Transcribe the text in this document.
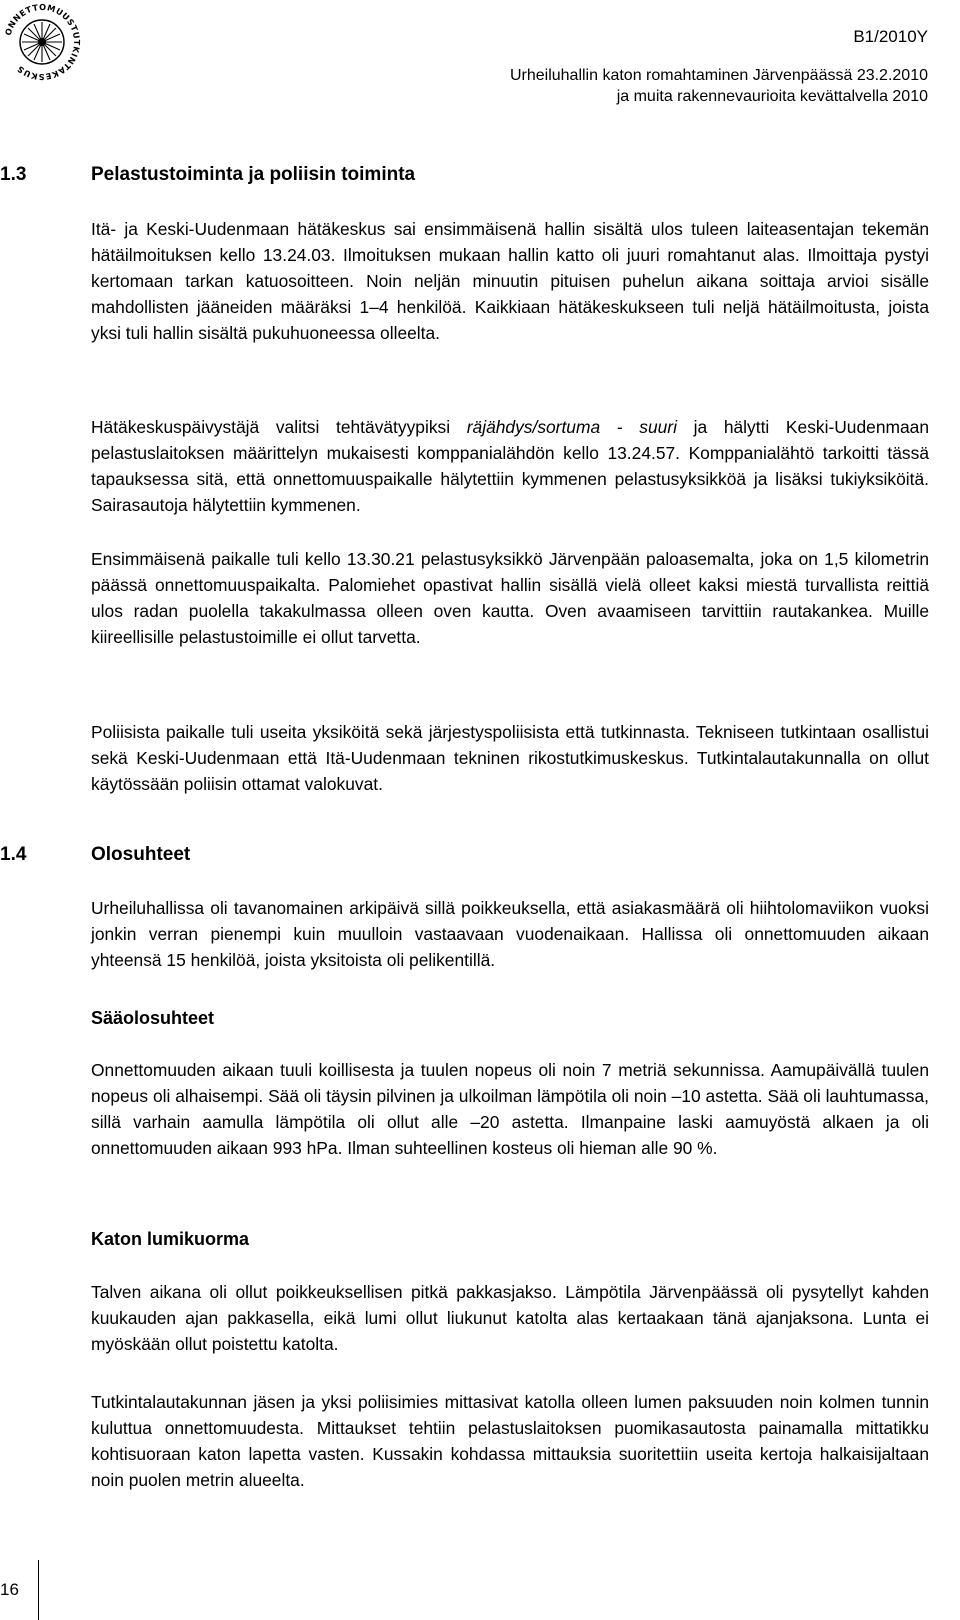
ONNETTOMUUSTUTKINTAKESKUS
B1/2010Y
Urheiluhallin katon romahtaminen Järvenpäässä 23.2.2010
ja muita rakennevaurioita kevättalvella 2010
1.3	Pelastustoiminta ja poliisin toiminta
Itä- ja Keski-Uudenmaan hätäkeskus sai ensimmäisenä hallin sisältä ulos tuleen laiteasentajan tekemän hätäilmoituksen kello 13.24.03. Ilmoituksen mukaan hallin katto oli juuri romahtanut alas. Ilmoittaja pystyi kertomaan tarkan katuosoitteen. Noin neljän minuutin pituisen puhelun aikana soittaja arvioi sisälle mahdollisten jääneiden määräksi 1–4 henkilöä. Kaikkiaan hätäkeskukseen tuli neljä hätäilmoitusta, joista yksi tuli hallin sisältä pukuhuoneessa olleelta.
Hätäkeskuspäivystäjä valitsi tehtävätyypiksi räjähdys/sortuma - suuri ja hälytti Keski-Uudenmaan pelastuslaitoksen määrittelyn mukaisesti komppanialähdön kello 13.24.57. Komppanialähtö tarkoitti tässä tapauksessa sitä, että onnettomuuspaikalle hälytettiin kymmenen pelastusyksikköä ja lisäksi tukiyksiköitä. Sairasautoja hälytettiin kymmenen.
Ensimmäisenä paikalle tuli kello 13.30.21 pelastusyksikkö Järvenpään paloasemalta, joka on 1,5 kilometrin päässä onnettomuuspaikalta. Palomiehet opastivat hallin sisällä vielä olleet kaksi miestä turvallista reittiä ulos radan puolella takakulmassa olleen oven kautta. Oven avaamiseen tarvittiin rautakankea. Muille kiireellisille pelastustoimille ei ollut tarvetta.
Poliisista paikalle tuli useita yksiköitä sekä järjestyspoliisista että tutkinnasta. Tekniseen tutkintaan osallistui sekä Keski-Uudenmaan että Itä-Uudenmaan tekninen rikostutkimuskeskus. Tutkintalautakunnalla on ollut käytössään poliisin ottamat valokuvat.
1.4	Olosuhteet
Urheiluhallissa oli tavanomainen arkipäivä sillä poikkeuksella, että asiakasmäärä oli hiihtolomaviikon vuoksi jonkin verran pienempi kuin muulloin vastaavaan vuodenaikaan. Hallissa oli onnettomuuden aikaan yhteensä 15 henkilöä, joista yksitoista oli pelikentillä.
Sääolosuhteet
Onnettomuuden aikaan tuuli koillisesta ja tuulen nopeus oli noin 7 metriä sekunnissa. Aamupäivällä tuulen nopeus oli alhaisempi. Sää oli täysin pilvinen ja ulkoilman lämpötila oli noin –10 astetta. Sää oli lauhtumassa, sillä varhain aamulla lämpötila oli ollut alle –20 astetta. Ilmanpaine laski aamuyöstä alkaen ja oli onnettomuuden aikaan 993 hPa. Ilman suhteellinen kosteus oli hieman alle 90 %.
Katon lumikuorma
Talven aikana oli ollut poikkeuksellisen pitkä pakkasjakso. Lämpötila Järvenpäässä oli pysytellyt kahden kuukauden ajan pakkasella, eikä lumi ollut liukunut katolta alas kertaakaan tänä ajanjaksona. Lunta ei myöskään ollut poistettu katolta.
Tutkintalautakunnan jäsen ja yksi poliisimies mittasivat katolla olleen lumen paksuuden noin kolmen tunnin kuluttua onnettomuudesta. Mittaukset tehtiin pelastuslaitoksen puomikasautosta painamalla mittatikku kohtisuoraan katon lapetta vasten. Kussakin kohdassa mittauksia suoritettiin useita kertoja halkaisijaltaan noin puolen metrin alueelta.
16
